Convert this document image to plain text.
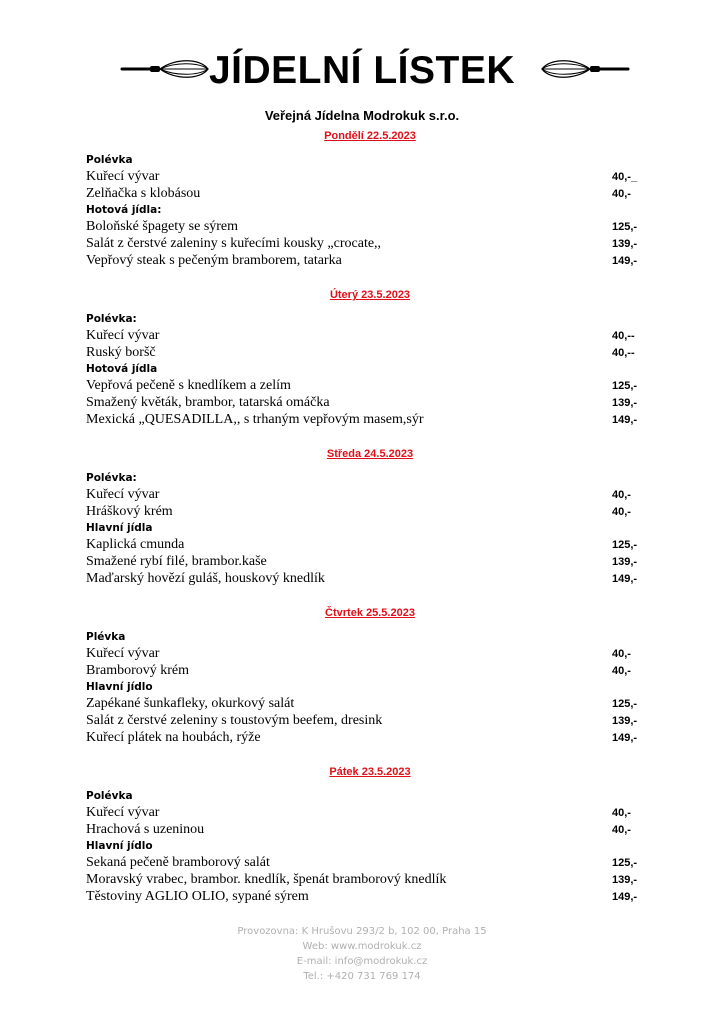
JÍDELNÍ LÍSTEK
Veřejná Jídelna Modrokuk s.r.o.
Pondělí 22.5.2023
Polévka
Kuřecí vývar	40,-_
Zelňačka s klobásou	40,-
Hotová jídla:
Boloňské špagety se sýrem	125,-
Salát z čerstvé zaleniny s kuřecími kousky „crocate,,	139,-
Vepřový steak s pečeným bramborem, tatarka	149,-
Úterý 23.5.2023
Polévka:
Kuřecí vývar	40,--
Ruský boršč	40,--
Hotová jídla
Vepřová pečeně s knedlíkem a zelím	125,-
Smažený květák, brambor, tatarská omáčka	139,-
Mexická „QUESADILLA,, s trhaným vepřovým masem,sýr	149,-
Středa 24.5.2023
Polévka:
Kuřecí vývar	40,-
Hráškový krém	40,-
Hlavní jídla
Kaplická cmunda	125,-
Smažené rybí filé, brambor.kaše	139,-
Maďarský hovězí guláš, houskový knedlík	149,-
Čtvrtek 25.5.2023
Plévka
Kuřecí vývar	40,-
Bramborový krém	40,-
Hlavní jídlo
Zapékané šunkafleky, okurkový salát	125,-
Salát z čerstvé zeleniny s toustovým beefem, dresink	139,-
Kuřecí plátek na houbách, rýže	149,-
Pátek 23.5.2023
Polévka
Kuřecí vývar	40,-
Hrachová s uzeninou	40,-
Hlavní jídlo
Sekaná pečeně bramborový salát	125,-
Moravský vrabec, brambor. knedlík, špenát bramborový knedlík	139,-
Těstoviny AGLIO OLIO, sypané sýrem	149,-
Provozovna: K Hrušovu 293/2 b, 102 00, Praha 15
Web: www.modrokuk.cz
E-mail: info@modrokuk.cz
Tel.: +420 731 769 174
